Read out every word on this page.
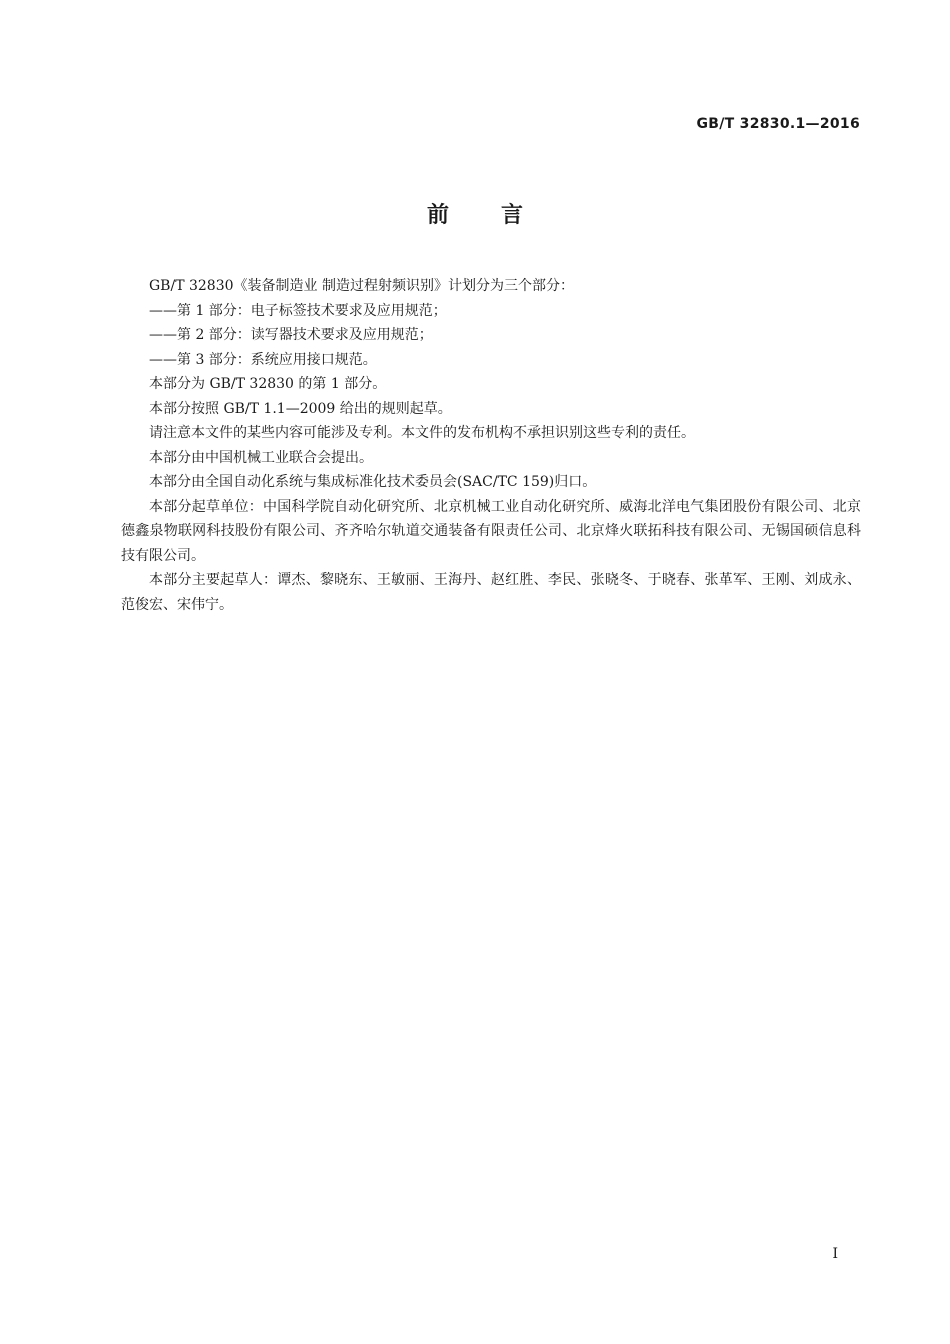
GB/T 32830.1—2016
前言

GB/T 32830《装备制造业 制造过程射频识别》计划分为三个部分：

——第 1 部分：电子标签技术要求及应用规范；

——第 2 部分：读写器技术要求及应用规范；

——第 3 部分：系统应用接口规范。

本部分为 GB/T 32830 的第 1 部分。

本部分按照 GB/T 1.1—2009 给出的规则起草。

请注意本文件的某些内容可能涉及专利。本文件的发布机构不承担识别这些专利的责任。

本部分由中国机械工业联合会提出。

本部分由全国自动化系统与集成标准化技术委员会(SAC/TC 159)归口。

本部分起草单位：中国科学院自动化研究所、北京机械工业自动化研究所、威海北洋电气集团股份有限公司、北京德鑫泉物联网科技股份有限公司、齐齐哈尔轨道交通装备有限责任公司、北京烽火联拓科技有限公司、无锡国硕信息科技有限公司。

本部分主要起草人：谭杰、黎晓东、王敏丽、王海丹、赵红胜、李民、张晓冬、于晓春、张革军、王刚、刘成永、范俊宏、宋伟宁。

I
